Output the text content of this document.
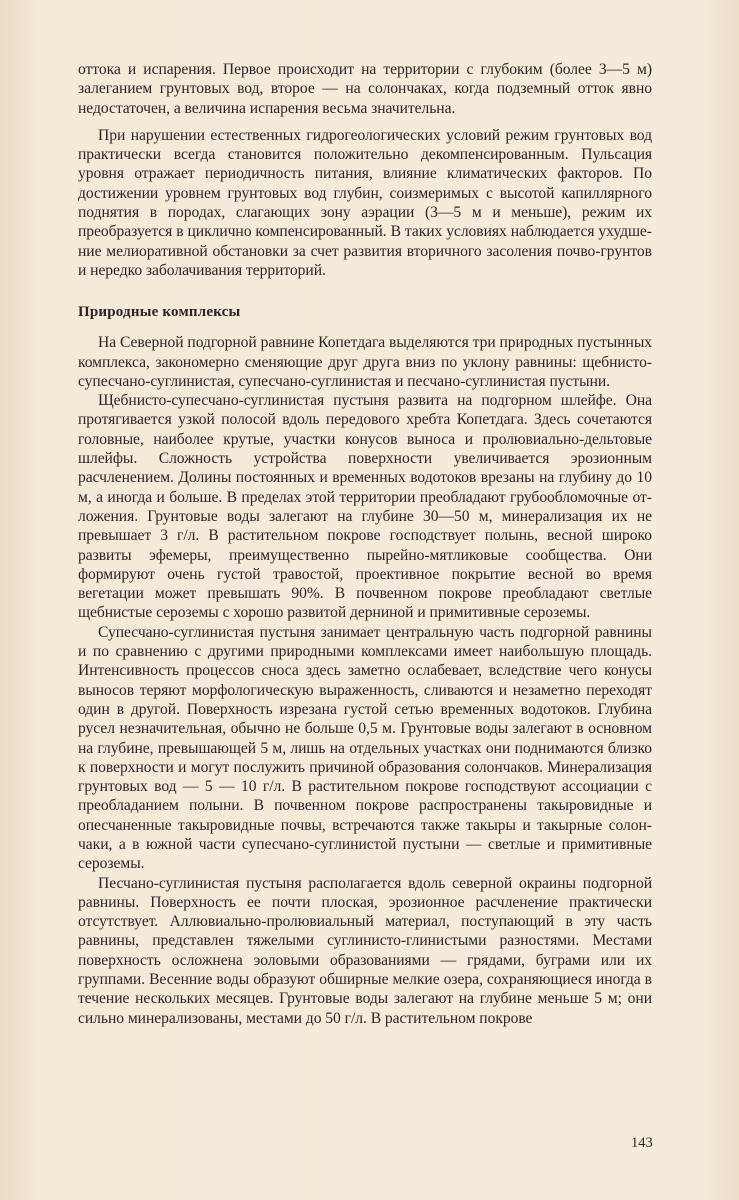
оттока и испарения. Первое происходит на территории с глубоким (более 3—5 м) залеганием грунтовых вод, второе — на солончаках, когда подземный отток явно недостаточен, а величина испарения весьма значительна.

При нарушении естественных гидрогеологических условий режим грунтовых вод практически всегда становится положительно декомпенсированным. Пульсация уровня отражает периодичность питания, влияние климатических факторов. По достижении уровнем грунтовых вод глубин, соизмеримых с высотой капиллярного поднятия в породах, слагающих зону аэрации (3—5 м и меньше), режим их преобразуется в циклично компенсированный. В таких условиях наблюдается ухудшение мелиоративной обстановки за счет развития вторичного засоления почво-грунтов и нередко заболачивания территорий.

Природные комплексы

На Северной подгорной равнине Копетдага выделяются три природных пустынных комплекса, закономерно сменяющие друг друга вниз по уклону равнины: щебнисто-супесчано-суглинистая, супесчано-суглинистая и песчано-суглинистая пустыни.

Щебнисто-супесчано-суглинистая пустыня развита на подгорном шлейфе. Она протягивается узкой полосой вдоль передового хребта Копетдага. Здесь сочетаются головные, наиболее крутые, участки конусов выноса и пролювиально-дельтовые шлейфы. Сложность устройства поверхности увеличивается эрозионным расчленением. Долины постоянных и временных водотоков врезаны на глубину до 10 м, а иногда и больше. В пределах этой территории преобладают грубообломочные отложения. Грунтовые воды залегают на глубине 30—50 м, минерализация их не превышает 3 г/л. В растительном покрове господствует полынь, весной широко развиты эфемеры, преимущественно пырейно-мятликовые сообщества. Они формируют очень густой травостой, проективное покрытие весной во время вегетации может превышать 90%. В почвенном покрове преобладают светлые щебнистые сероземы с хорошо развитой дерниной и примитивные сероземы.

Супесчано-суглинистая пустыня занимает центральную часть подгорной равнины и по сравнению с другими природными комплексами имеет наибольшую площадь. Интенсивность процессов сноса здесь заметно ослабевает, вследствие чего конусы выносов теряют морфологическую выраженность, сливаются и незаметно переходят один в другой. Поверхность изрезана густой сетью временных водотоков. Глубина русел незначительная, обычно не больше 0,5 м. Грунтовые воды залегают в основном на глубине, превышающей 5 м, лишь на отдельных участках они поднимаются близко к поверхности и могут послужить причиной образования солончаков. Минерализация грунтовых вод — 5 — 10 г/л. В растительном покрове господствуют ассоциации с преобладанием полыни. В почвенном покрове распространены такыровидные и опесчаненные такыровидные почвы, встречаются также такыры и такырные солончаки, а в южной части супесчано-суглинистой пустыни — светлые и примитивные сероземы.

Песчано-суглинистая пустыня располагается вдоль северной окраины подгорной равнины. Поверхность ее почти плоская, эрозионное расчленение практически отсутствует. Аллювиально-пролювиальный материал, поступающий в эту часть равнины, представлен тяжелыми суглинисто-глинистыми разностями. Местами поверхность осложнена эоловыми образованиями — грядами, буграми или их группами. Весенние воды образуют обширные мелкие озера, сохраняющиеся иногда в течение нескольких месяцев. Грунтовые воды залегают на глубине меньше 5 м; они сильно минерализованы, местами до 50 г/л. В растительном покрове

143
